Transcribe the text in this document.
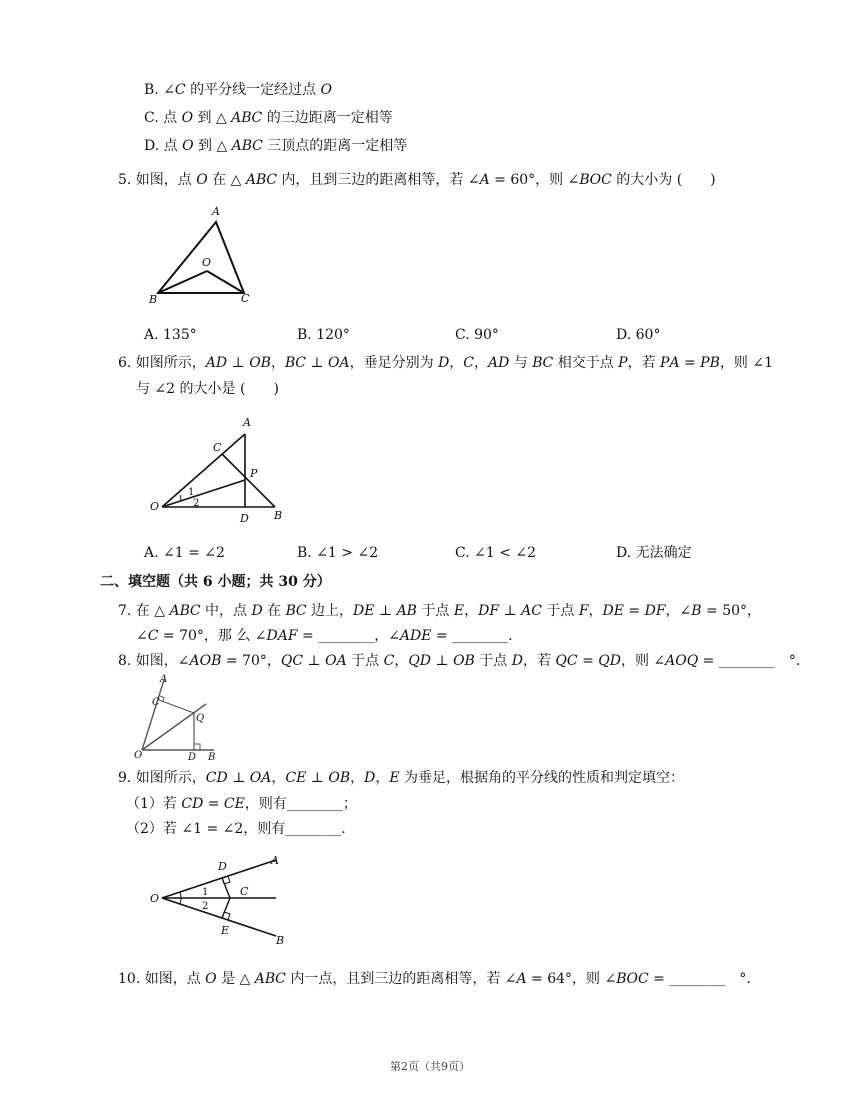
B. ∠𝐶 的平分线一定经过点 𝑂
C. 点 𝑂 到 △ 𝐴𝐵𝐶 的三边距离一定相等
D. 点 𝑂 到 △ 𝐴𝐵𝐶 三顶点的距离一定相等
5. 如图，点 𝑂 在 △ 𝐴𝐵𝐶 内，且到三边的距离相等，若 ∠𝐴 = 60°，则 ∠𝐵𝑂𝐶 的大小为 (　　)
A
O
B	C
A. 135°	B. 120°	C. 90°	D. 60°
6. 如图所示，𝐴𝐷 ⊥ 𝑂𝐵，𝐵𝐶 ⊥ 𝑂𝐴，垂足分别为 𝐷，𝐶，𝐴𝐷 与 𝐵𝐶 相交于点 𝑃，若 𝑃𝐴 = 𝑃𝐵，则 ∠1
与 ∠2 的大小是 (　　)
A
C
P
O
D B
1
2
A. ∠1 = ∠2	B. ∠1 > ∠2	C. ∠1 < ∠2	D. 无法确定
二、填空题（共 6 小题；共 30 分）
7. 在 △ 𝐴𝐵𝐶 中，点 𝐷 在 𝐵𝐶 边上，𝐷𝐸 ⊥ 𝐴𝐵 于点 𝐸，𝐷𝐹 ⊥ 𝐴𝐶 于点 𝐹，𝐷𝐸 = 𝐷𝐹，∠𝐵 = 50°，
∠𝐶 = 70°，那 么 ∠𝐷𝐴𝐹 = ________，∠𝐴𝐷𝐸 = ________.
8. 如图，∠𝐴𝑂𝐵 = 70°，𝑄𝐶 ⊥ 𝑂𝐴 于点 𝐶，𝑄𝐷 ⊥ 𝑂𝐵 于点 𝐷，若 𝑄𝐶 = 𝑄𝐷，则 ∠𝐴𝑂𝑄 = ________　°.
A
C
Q
O	D B
9. 如图所示，𝐶𝐷 ⊥ 𝑂𝐴，𝐶𝐸 ⊥ 𝑂𝐵，𝐷，𝐸 为垂足，根据角的平分线的性质和判定填空：
（1）若 𝐶𝐷 = 𝐶𝐸，则有________；
（2）若 ∠1 = ∠2，则有________.
D	A
O
C
E
B
1
2
10. 如图，点 𝑂 是 △ 𝐴𝐵𝐶 内一点，且到三边的距离相等，若 ∠𝐴 = 64°，则 ∠𝐵𝑂𝐶 = ________　°.
第2页（共9页）
